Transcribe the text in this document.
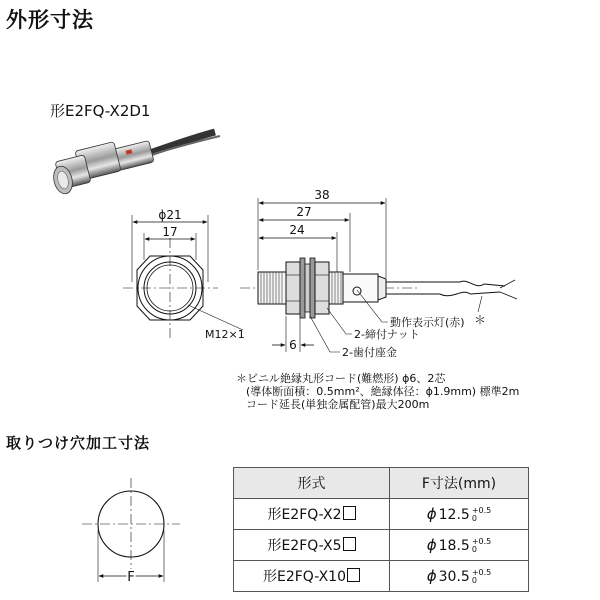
外形寸法
形E2FQ-X2D1
取りつけ穴加工寸法
ϕ21
17
M12×1
38
27
24
6
動作表示灯(赤)
2-締付ナット
2-歯付座金
＊
F
＊ビニル絶縁丸形コード(難燃形) ϕ6、2芯
(導体断面積：0.5mm²、絶縁体径：ϕ1.9mm) 標準2m
コード延長(単独金属配管)最大200m
形式	F寸法(mm)
形E2FQ-X2	ϕ 12.5 +0.5
0

形E2FQ-X5	ϕ 18.5 +0.5
0

形E2FQ-X10	ϕ 30.5 +0.5
0
